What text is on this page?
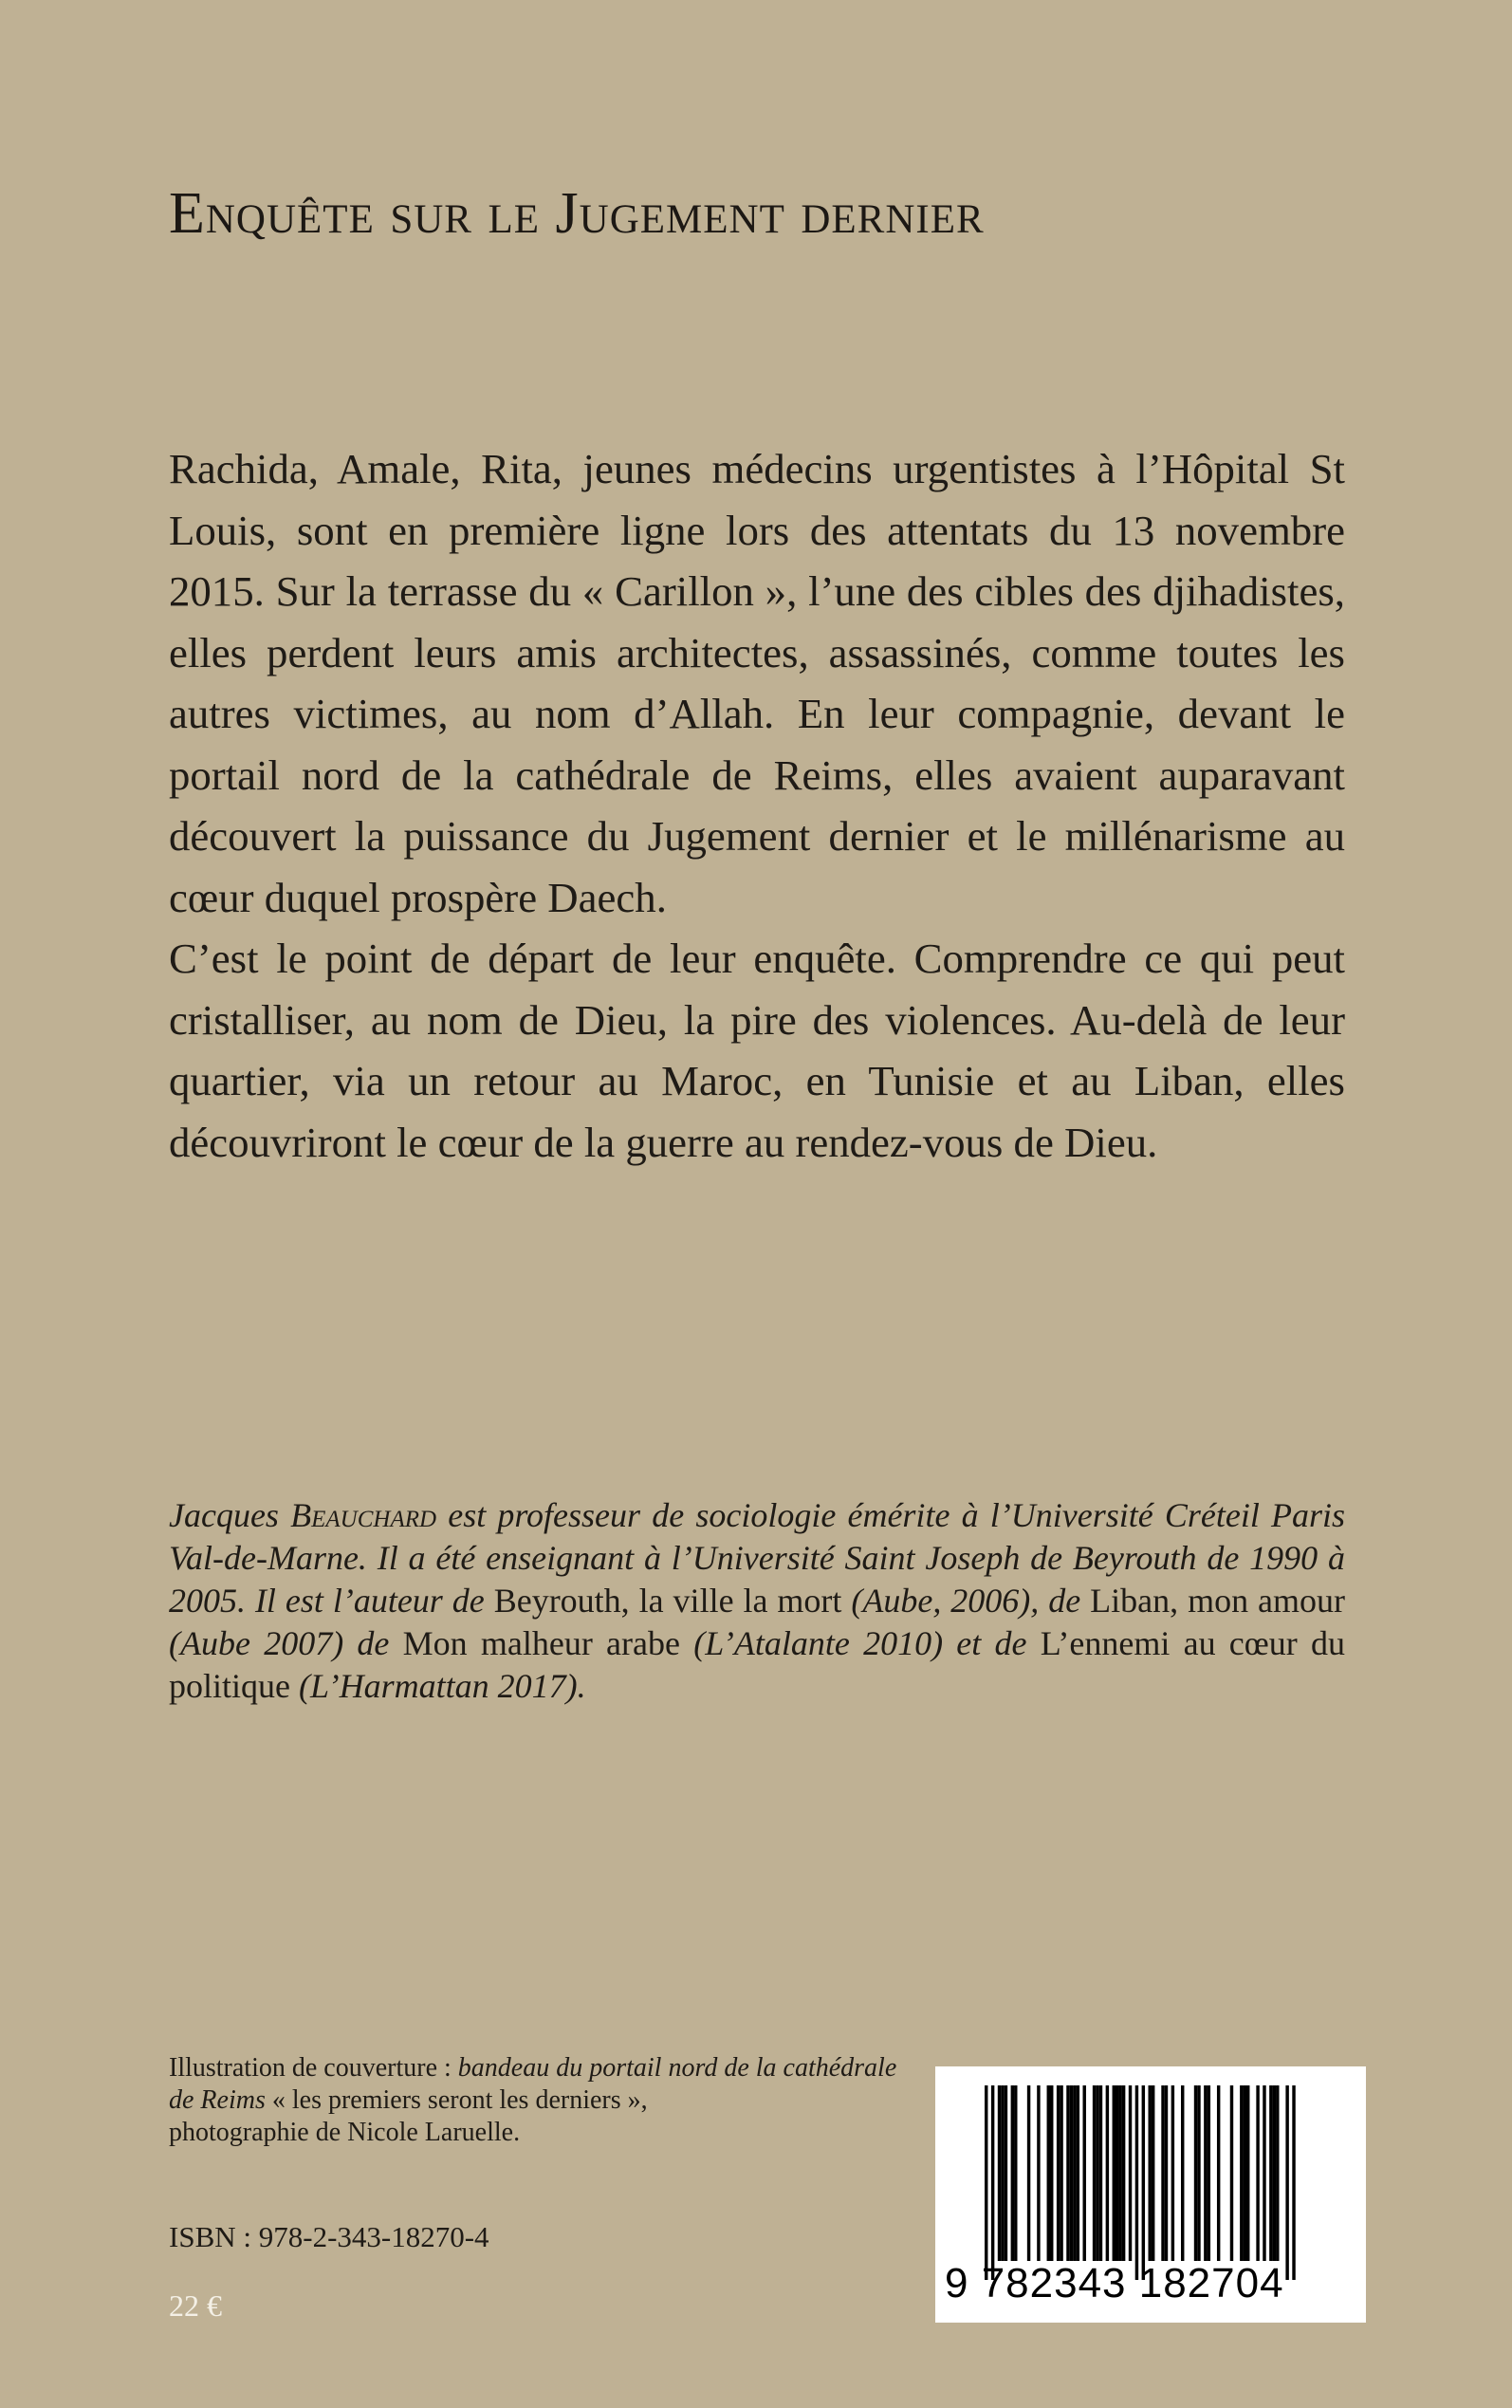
Enquête sur le Jugement dernier

Rachida, Amale, Rita, jeunes médecins urgentistes à l’Hôpital St Louis, sont en première ligne lors des attentats du 13 novembre 2015. Sur la terrasse du « Carillon », l’une des cibles des djihadistes, elles perdent leurs amis architectes, assassinés, comme toutes les autres victimes, au nom d’Allah. En leur compagnie, devant le portail nord de la cathédrale de Reims, elles avaient auparavant découvert la puissance du Jugement dernier et le millénarisme au cœur duquel prospère Daech.

C’est le point de départ de leur enquête. Comprendre ce qui peut cristalliser, au nom de Dieu, la pire des violences. Au-delà de leur quartier, via un retour au Maroc, en Tunisie et au Liban, elles découvriront le cœur de la guerre au rendez-vous de Dieu.

Jacques Beauchard est professeur de sociologie émérite à l’Université Créteil Paris Val-de-Marne. Il a été enseignant à l’Université Saint Joseph de Beyrouth de 1990 à 2005. Il est l’auteur de Beyrouth, la ville la mort (Aube, 2006), de Liban, mon amour (Aube 2007) de Mon malheur arabe (L’Atalante 2010) et de L’ennemi au cœur du politique (L’Harmattan 2017).
Illustration de couverture : bandeau du portail nord de la cathédrale de Reims « les premiers seront les derniers »,
photographie de Nicole Laruelle.
ISBN : 978-2-343-18270-4
22 €	9 782343 182704
